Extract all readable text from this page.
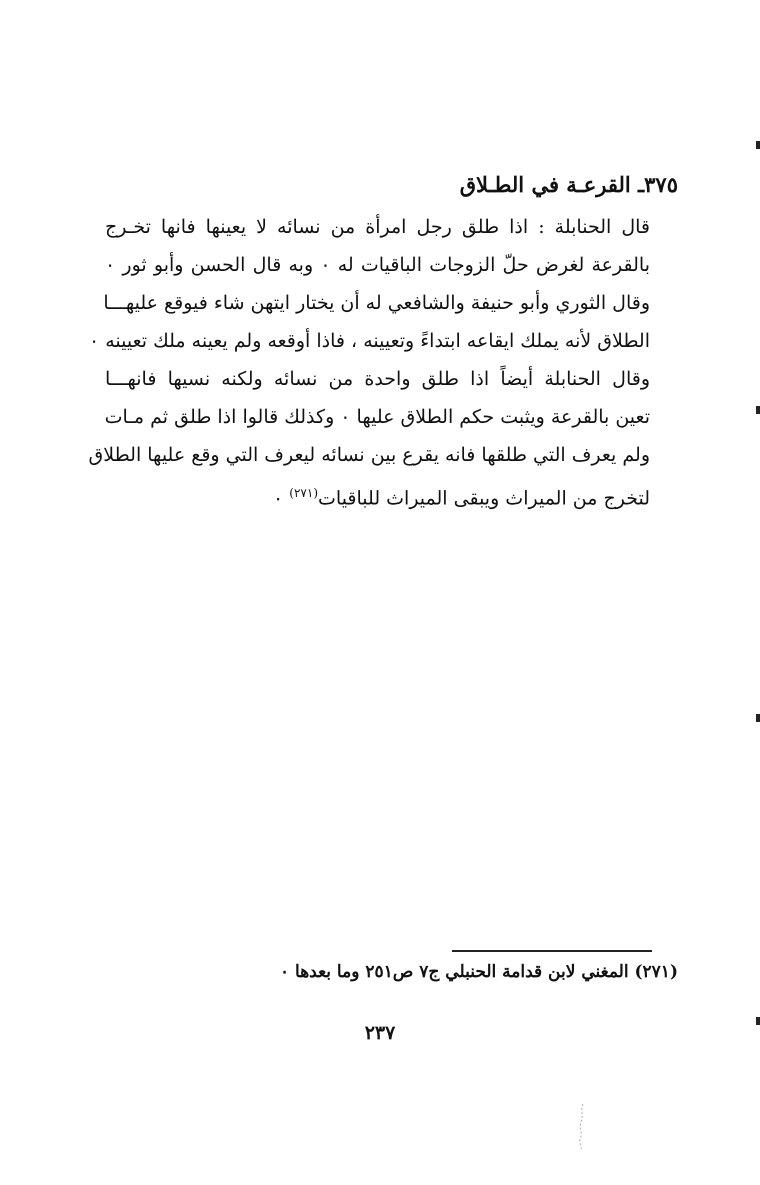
٣٧٥ـ القرعـة في الطـلاق
قال الحنابلة : اذا طلق رجل امرأة من نسائه لا يعينها فانها تخـرج
بالقرعة لغرض حلّ الزوجات الباقيات له ٠ وبه قال الحسن وأبو ثور ٠
وقال الثوري وأبو حنيفة والشافعي له أن يختار ايتهن شاء فيوقع عليهـــا
الطلاق لأنه يملك ايقاعه ابتداءً وتعيينه ، فاذا أوقعه ولم يعينه ملك تعيينه ٠
وقال الحنابلة أيضاً اذا طلق واحدة من نسائه ولكنه نسيها فانهـــا
تعين بالقرعة ويثبت حكم الطلاق عليها ٠ وكذلك قالوا اذا طلق ثم مـات
ولم يعرف التي طلقها فانه يقرع بين نسائه ليعرف التي وقع عليها الطلاق
لتخرج من الميراث ويبقى الميراث للباقيات$^{(٢٧١)}$ ٠
(٢٧١) المغني لابن قدامة الحنبلي ج٧ ص٢٥١ وما بعدها ٠
٢٣٧
